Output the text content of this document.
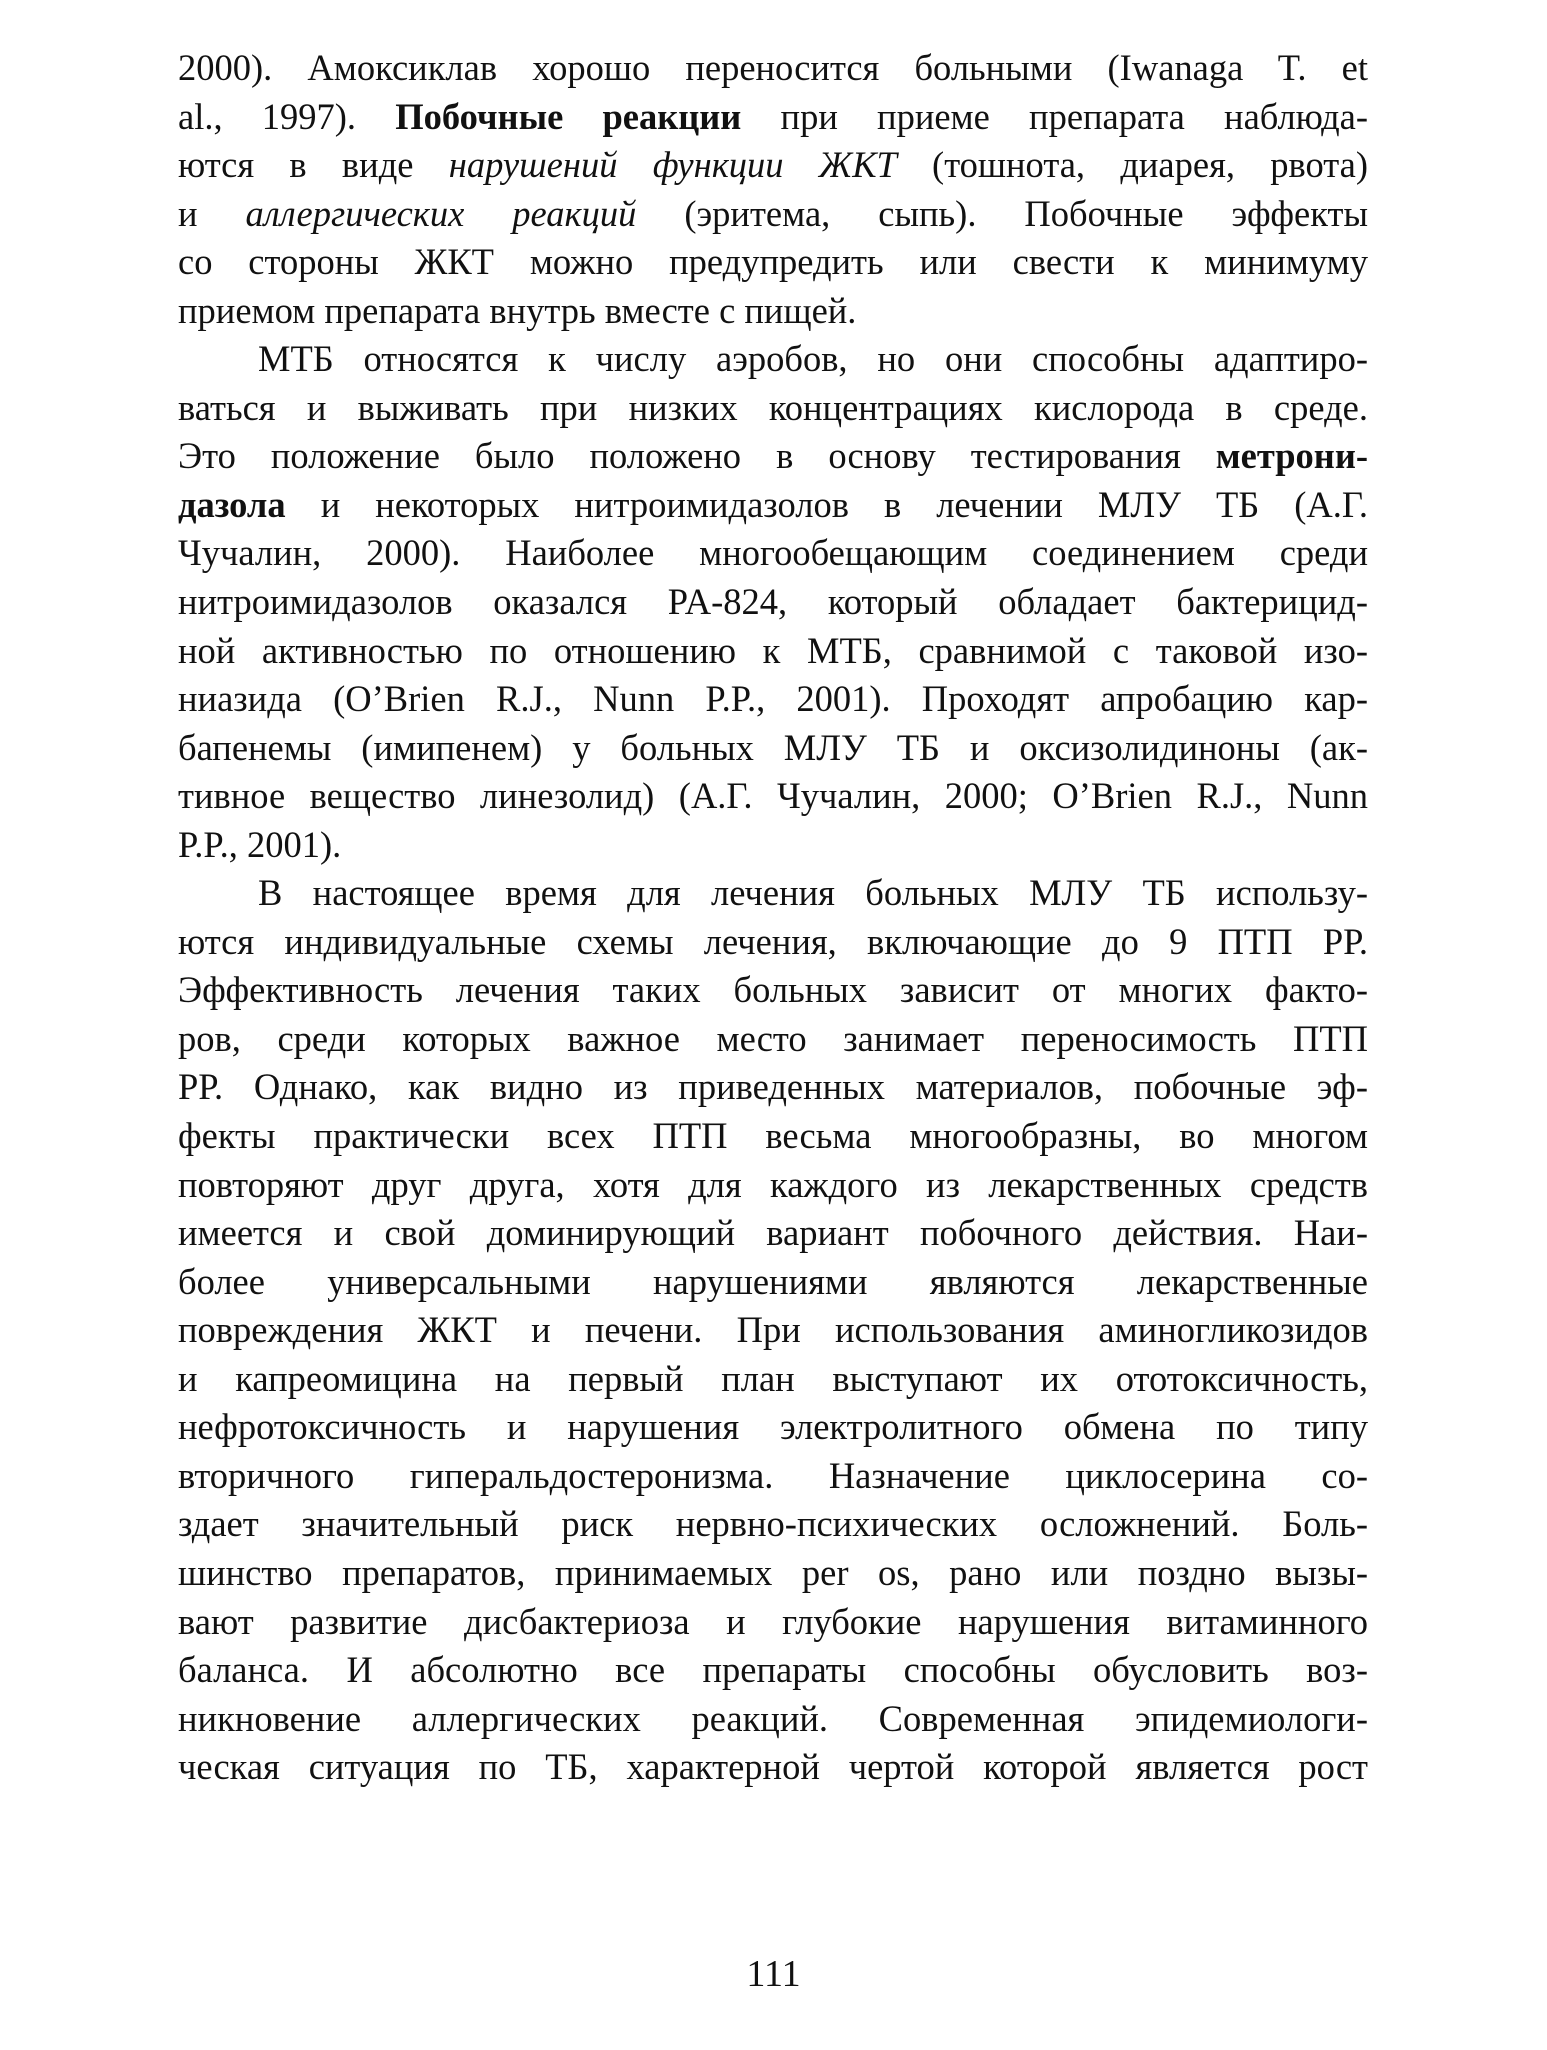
2000). Амоксиклав хорошо переносится больными (Iwanaga T. et
al., 1997). Побочные реакции при приеме препарата наблюда-
ются в виде нарушений функции ЖКТ (тошнота, диарея, рвота)
и аллергических реакций (эритема, сыпь). Побочные эффекты
со стороны ЖКТ можно предупредить или свести к минимуму
приемом препарата внутрь вместе с пищей.
МТБ относятся к числу аэробов, но они способны адаптиро-
ваться и выживать при низких концентрациях кислорода в среде.
Это положение было положено в основу тестирования метрони-
дазола и некоторых нитроимидазолов в лечении МЛУ ТБ (А.Г.
Чучалин, 2000). Наиболее многообещающим соединением среди
нитроимидазолов оказался PA-824, который обладает бактерицид-
ной активностью по отношению к МТБ, сравнимой с таковой изо-
ниазида (O’Brien R.J., Nunn P.P., 2001). Проходят апробацию кар-
бапенемы (имипенем) у больных МЛУ ТБ и оксизолидиноны (ак-
тивное вещество линезолид) (А.Г. Чучалин, 2000; O’Brien R.J., Nunn
P.P., 2001).
В настоящее время для лечения больных МЛУ ТБ использу-
ются индивидуальные схемы лечения, включающие до 9 ПТП РР.
Эффективность лечения таких больных зависит от многих факто-
ров, среди которых важное место занимает переносимость ПТП
РР. Однако, как видно из приведенных материалов, побочные эф-
фекты практически всех ПТП весьма многообразны, во многом
повторяют друг друга, хотя для каждого из лекарственных средств
имеется и свой доминирующий вариант побочного действия. Наи-
более универсальными нарушениями являются лекарственные
повреждения ЖКТ и печени. При использования аминогликозидов
и капреомицина на первый план выступают их ототоксичность,
нефротоксичность и нарушения электролитного обмена по типу
вторичного гиперальдостеронизма. Назначение циклосерина со-
здает значительный риск нервно-психических осложнений. Боль-
шинство препаратов, принимаемых per os, рано или поздно вызы-
вают развитие дисбактериоза и глубокие нарушения витаминного
баланса. И абсолютно все препараты способны обусловить воз-
никновение аллергических реакций. Современная эпидемиологи-
ческая ситуация по ТБ, характерной чертой которой является рост
111
